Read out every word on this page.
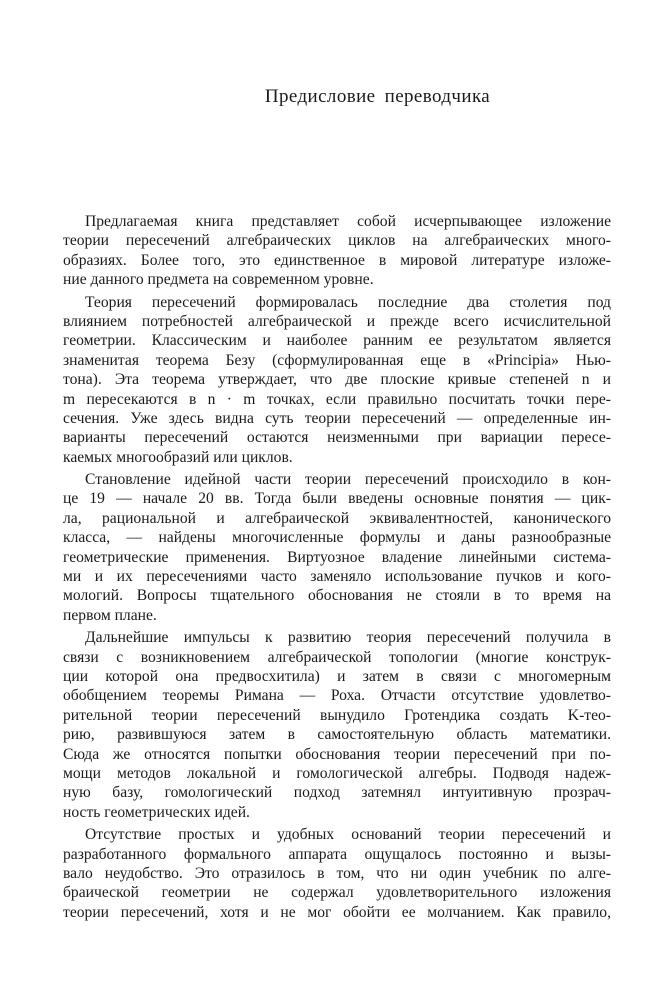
Предисловие переводчика

Предлагаемая книга представляет собой исчерпывающее изложение
теории пересечений алгебраических циклов на алгебраических много-
образиях. Более того, это единственное в мировой литературе изложе-
ние данного предмета на современном уровне.

Теория пересечений формировалась последние два столетия под
влиянием потребностей алгебраической и прежде всего исчислительной
геометрии. Классическим и наиболее ранним ее результатом является
знаменитая теорема Безу (сформулированная еще в «Principia» Нью-
тона). Эта теорема утверждает, что две плоские кривые степеней n и
m пересекаются в n · m точках, если правильно посчитать точки пере-
сечения. Уже здесь видна суть теории пересечений — определенные ин-
варианты пересечений остаются неизменными при вариации пересе-
каемых многообразий или циклов.

Становление идейной части теории пересечений происходило в кон-
це 19 — начале 20 вв. Тогда были введены основные понятия — цик-
ла, рациональной и алгебраической эквивалентностей, канонического
класса, — найдены многочисленные формулы и даны разнообразные
геометрические применения. Виртуозное владение линейными система-
ми и их пересечениями часто заменяло использование пучков и кого-
мологий. Вопросы тщательного обоснования не стояли в то время на
первом плане.

Дальнейшие импульсы к развитию теория пересечений получила в
связи с возникновением алгебраической топологии (многие конструк-
ции которой она предвосхитила) и затем в связи с многомерным
обобщением теоремы Римана — Роха. Отчасти отсутствие удовлетво-
рительной теории пересечений вынудило Гротендика создать K-тео-
рию, развившуюся затем в самостоятельную область математики.
Сюда же относятся попытки обоснования теории пересечений при по-
мощи методов локальной и гомологической алгебры. Подводя надеж-
ную базу, гомологический подход затемнял интуитивную прозрач-
ность геометрических идей.

Отсутствие простых и удобных оснований теории пересечений и
разработанного формального аппарата ощущалось постоянно и вызы-
вало неудобство. Это отразилось в том, что ни один учебник по алге-
браической геометрии не содержал удовлетворительного изложения
теории пересечений, хотя и не мог обойти ее молчанием. Как правило,
